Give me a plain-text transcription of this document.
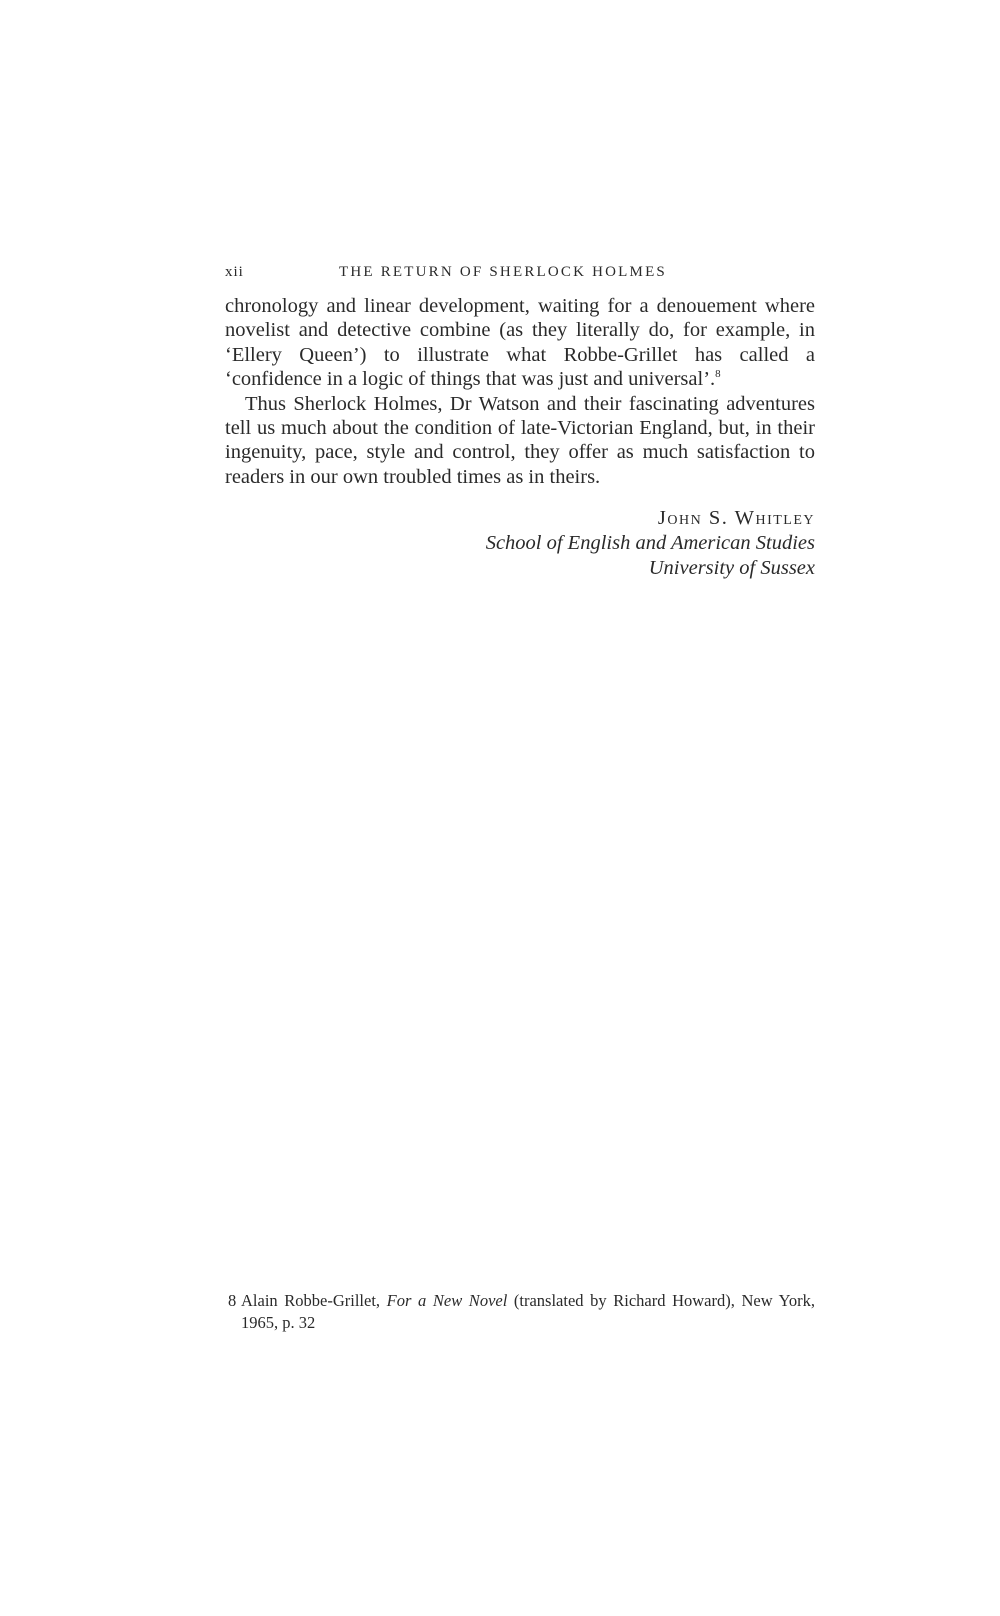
xii	THE RETURN OF SHERLOCK HOLMES

chronology and linear development, waiting for a denouement where novelist and detective combine (as they literally do, for example, in ‘Ellery Queen’) to illustrate what Robbe-Grillet has called a ‘confidence in a logic of things that was just and universal’.$^8$

Thus Sherlock Holmes, Dr Watson and their fascinating adventures tell us much about the condition of late-Victorian England, but, in their ingenuity, pace, style and control, they offer as much satisfaction to readers in our own troubled times as in theirs.

John S. Whitley
School of English and American Studies
University of Sussex
8 Alain Robbe-Grillet, For a New Novel (translated by Richard Howard), New York, 1965, p. 32
